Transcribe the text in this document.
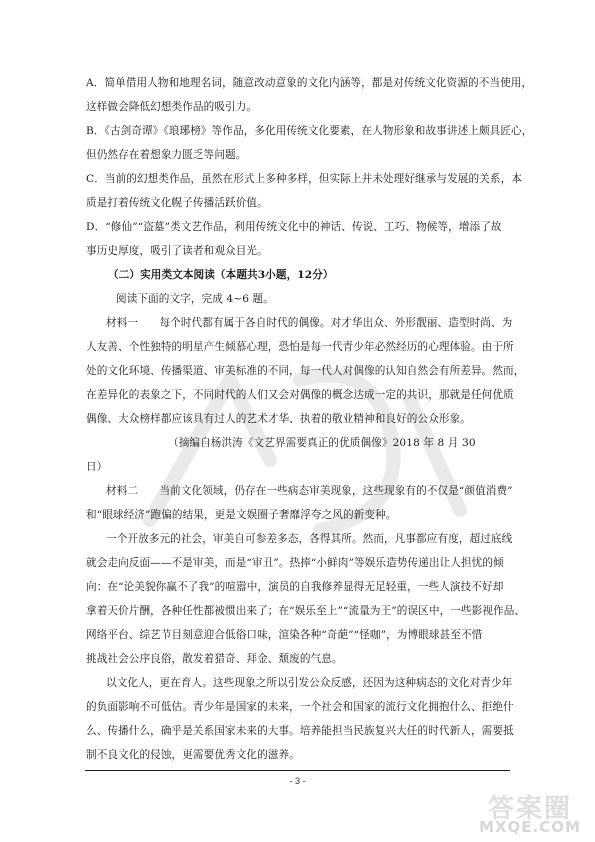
A．简单借用人物和地理名词，随意改动意象的文化内涵等，都是对传统文化资源的不当使用，
这样做会降低幻想类作品的吸引力。
B．《古剑奇谭》《琅琊榜》等作品，多化用传统文化要素，在人物形象和故事讲述上颇具匠心，
但仍然存在着想象力匮乏等问题。
C．当前的幻想类作品，虽然在形式上多种多样，但实际上并未处理好继承与发展的关系，本
质是打着传统文化幌子传播活跃价值。
D．“修仙”“盗墓”类文艺作品，利用传统文化中的神话、传说、工巧、物候等，增添了故
事历史厚度，吸引了读者和观众目光。
（二）实用类文本阅读（本题共3小题，12分）
阅读下面的文字，完成 4~6 题。
材料一　　每个时代都有属于各自时代的偶像。对才华出众、外形靓丽、造型时尚、为
人友善、个性独特的明星产生倾慕心理，恐怕是每一代青少年必然经历的心理体验。由于所
处的文化环境、传播渠道、审美标准的不同，每一代人对偶像的认知自然会有所差异。然而，
在差异化的表象之下，不同时代的人们又会对偶像的概念达成一定的共识，那就是任何优质
偶像、大众榜样都应该具有过人的艺术才华、执着的敬业精神和良好的公众形象。
（摘编自杨洪涛《文艺界需要真正的优质偶像》2018 年 8 月 30
日）
材料二　　当前文化领域，仍存在一些病态审美现象，这些现象有的不仅是“颜值消费”
和“眼球经济”跑偏的结果，更是文娱圈子奢靡浮夸之风的新变种。
一个开放多元的社会，审美自可参差多态，各得其所。然而，凡事都应有度，超过底线
就会走向反面——不是审美，而是“审丑”。热捧“小鲜肉”等娱乐造势传递出让人担忧的倾
向：在“论美貌你赢不了我”的喧嚣中，演员的自我修养显得无足轻重，一些人演技不好却
拿着天价片酬，各种任性都被惯出来了；在“娱乐至上”“流量为王”的误区中，一些影视作品、
网络平台、综艺节目刻意迎合低俗口味，渲染各种“奇葩”“怪咖”，为博眼球甚至不惜
挑战社会公序良俗，散发着猎奇、拜金、颓废的气息。
以文化人，更在育人。这些现象之所以引发公众反感，还因为这种病态的文化对青少年
的负面影响不可低估。青少年是国家的未来，一个社会和国家的流行文化拥抱什么、拒绝什
么、传播什么，确乎是关系国家未来的大事。培养能担当民族复兴大任的时代新人，需要抵
制不良文化的侵蚀，更需要优秀文化的滋养。
- 3 -
答案圈
MXQE.COM
